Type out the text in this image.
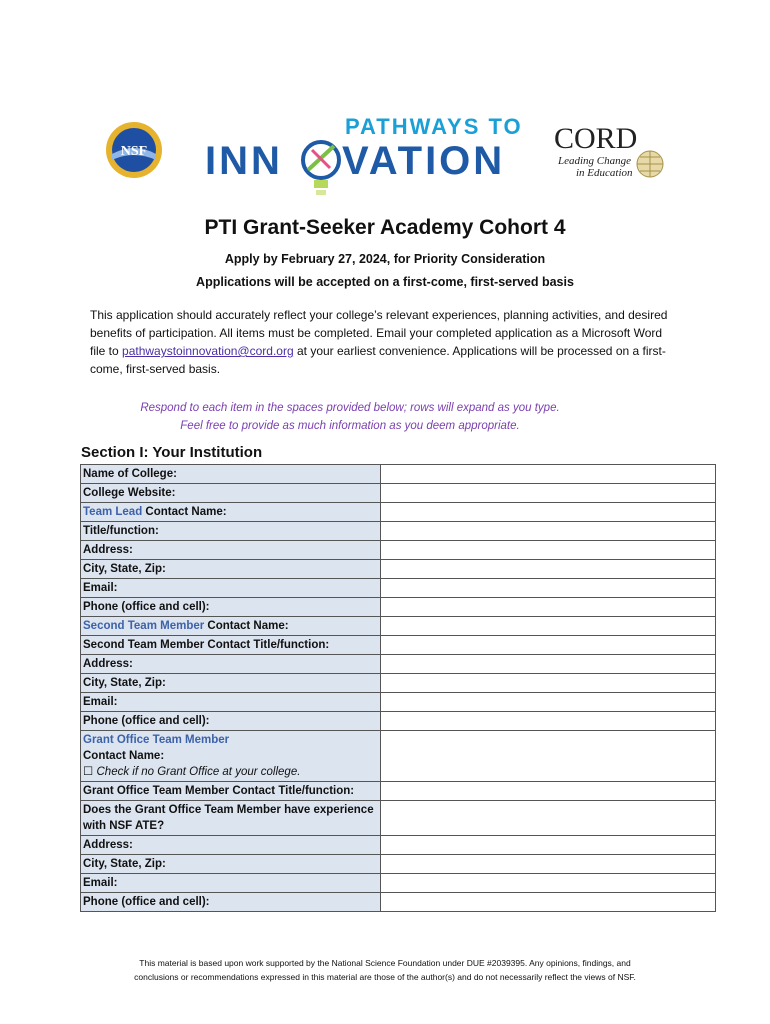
NSF
PATHWAYS TO
INN VATION
CORD
Leading Change
in Education
PTI Grant-Seeker Academy Cohort 4
Apply by February 27, 2024, for Priority Consideration
Applications will be accepted on a first-come, first-served basis
This application should accurately reflect your college’s relevant experiences, planning activities, and desired benefits of participation. All items must be completed. Email your completed application as a Microsoft Word file to pathwaystoinnovation@cord.org at your earliest convenience. Applications will be processed on a first-come, first-served basis.
Respond to each item in the spaces provided below; rows will expand as you type.
Feel free to provide as much information as you deem appropriate.
Section I: Your Institution
Name of College:	
College Website:	
Team Lead Contact Name:	
Title/function:	
Address:	
City, State, Zip:	
Email:	
Phone (office and cell):	
Second Team Member Contact Name:	
Second Team Member Contact Title/function:	
Address:	
City, State, Zip:	
Email:	
Phone (office and cell):	

Grant Office Team Member
Contact Name:
☐ Check if no Grant Office at your college.	

Grant Office Team Member Contact Title/function:	
Does the Grant Office Team Member have experience with NSF ATE?	
Address:	
City, State, Zip:	
Email:	
Phone (office and cell):	
This material is based upon work supported by the National Science Foundation under DUE #2039395. Any opinions, findings, and
conclusions or recommendations expressed in this material are those of the author(s) and do not necessarily reflect the views of NSF.
